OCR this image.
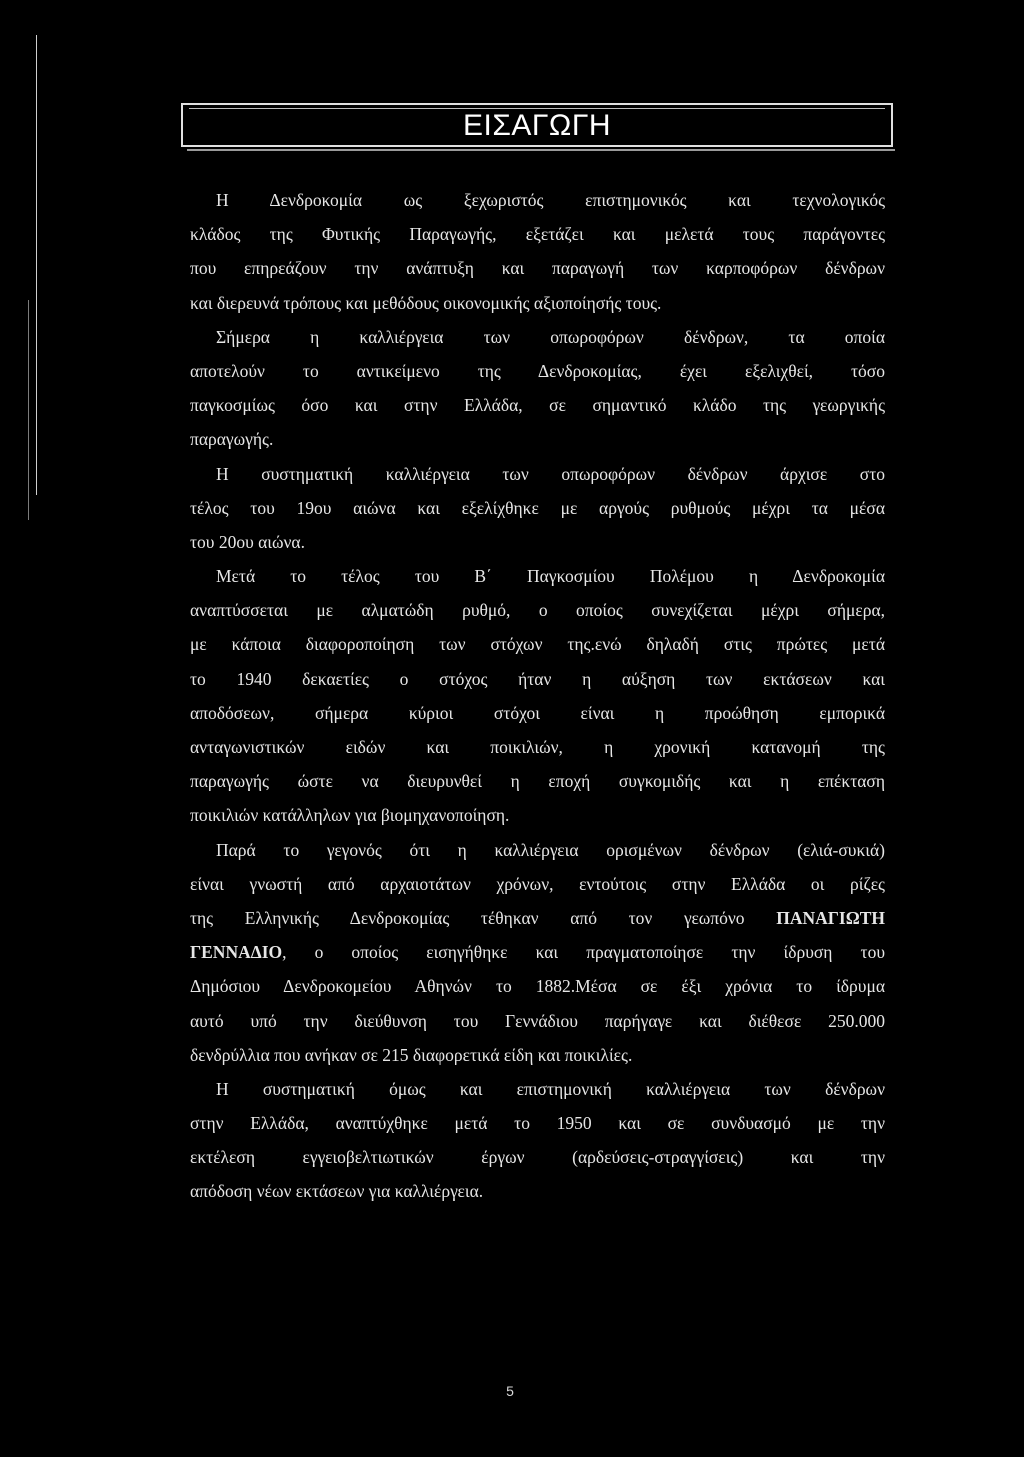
ΕΙΣΑΓΩΓΗ
Η Δενδροκομία ως ξεχωριστός επιστημονικός και τεχνολογικός
κλάδος της Φυτικής Παραγωγής, εξετάζει και μελετά τους παράγοντες
που επηρεάζουν την ανάπτυξη και παραγωγή των καρποφόρων δένδρων
και διερευνά τρόπους και μεθόδους οικονομικής αξιοποίησής τους.
Σήμερα η καλλιέργεια των οπωροφόρων δένδρων, τα οποία
αποτελούν το αντικείμενο της Δενδροκομίας, έχει εξελιχθεί, τόσο
παγκοσμίως όσο και στην Ελλάδα, σε σημαντικό κλάδο της γεωργικής
παραγωγής.
Η συστηματική καλλιέργεια των οπωροφόρων δένδρων άρχισε στο
τέλος του 19ου αιώνα και εξελίχθηκε με αργούς ρυθμούς μέχρι τα μέσα
του 20ου αιώνα.
Μετά το τέλος του Β΄ Παγκοσμίου Πολέμου η Δενδροκομία
αναπτύσσεται με αλματώδη ρυθμό, ο οποίος συνεχίζεται μέχρι σήμερα,
με κάποια διαφοροποίηση των στόχων της.ενώ δηλαδή στις πρώτες μετά
το 1940 δεκαετίες ο στόχος ήταν η αύξηση των εκτάσεων και
αποδόσεων, σήμερα κύριοι στόχοι είναι η προώθηση εμπορικά
ανταγωνιστικών ειδών και ποικιλιών, η χρονική κατανομή της
παραγωγής ώστε να διευρυνθεί η εποχή συγκομιδής και η επέκταση
ποικιλιών κατάλληλων για βιομηχανοποίηση.
Παρά το γεγονός ότι η καλλιέργεια ορισμένων δένδρων (ελιά-συκιά)
είναι γνωστή από αρχαιοτάτων χρόνων, εντούτοις στην Ελλάδα οι ρίζες
της Ελληνικής Δενδροκομίας τέθηκαν από τον γεωπόνο ΠΑΝΑΓΙΩΤΗ
ΓΕΝΝΑΔΙΟ, ο οποίος εισηγήθηκε και πραγματοποίησε την ίδρυση του
Δημόσιου Δενδροκομείου Αθηνών το 1882.Μέσα σε έξι χρόνια το ίδρυμα
αυτό υπό την διεύθυνση του Γεννάδιου παρήγαγε και διέθεσε 250.000
δενδρύλλια που ανήκαν σε 215 διαφορετικά είδη και ποικιλίες.
Η συστηματική όμως και επιστημονική καλλιέργεια των δένδρων
στην Ελλάδα, αναπτύχθηκε μετά το 1950 και σε συνδυασμό με την
εκτέλεση εγγειοβελτιωτικών έργων (αρδεύσεις-στραγγίσεις) και την
απόδοση νέων εκτάσεων για καλλιέργεια.
5
